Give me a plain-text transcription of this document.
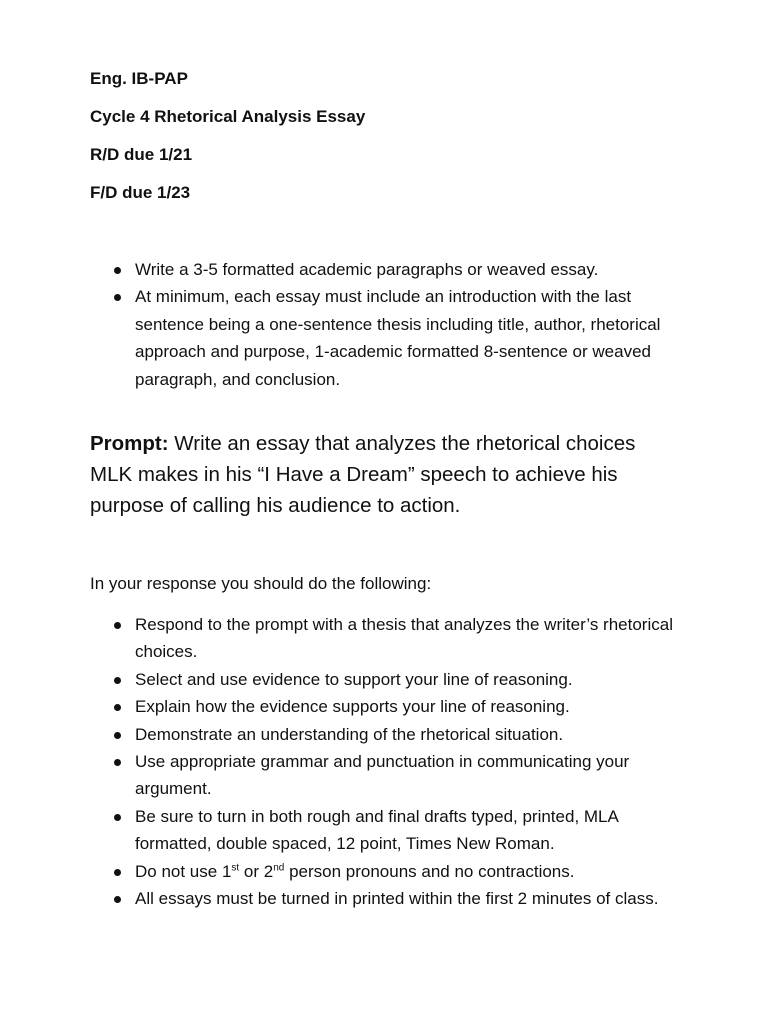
Eng. IB-PAP

Cycle 4 Rhetorical Analysis Essay

R/D due 1/21

F/D due 1/23

Write a 3-5 formatted academic paragraphs or weaved essay.
At minimum, each essay must include an introduction with the last sentence being a one-sentence thesis including title, author, rhetorical approach and purpose, 1-academic formatted 8-sentence or weaved paragraph, and conclusion.

Prompt: Write an essay that analyzes the rhetorical choices MLK makes in his “I Have a Dream” speech to achieve his purpose of calling his audience to action.

In your response you should do the following:

Respond to the prompt with a thesis that analyzes the writer’s rhetorical choices.
Select and use evidence to support your line of reasoning.
Explain how the evidence supports your line of reasoning.
Demonstrate an understanding of the rhetorical situation.
Use appropriate grammar and punctuation in communicating your argument.
Be sure to turn in both rough and final drafts typed, printed, MLA formatted, double spaced, 12 point, Times New Roman.
Do not use 1st or 2nd person pronouns and no contractions.
All essays must be turned in printed within the first 2 minutes of class.
